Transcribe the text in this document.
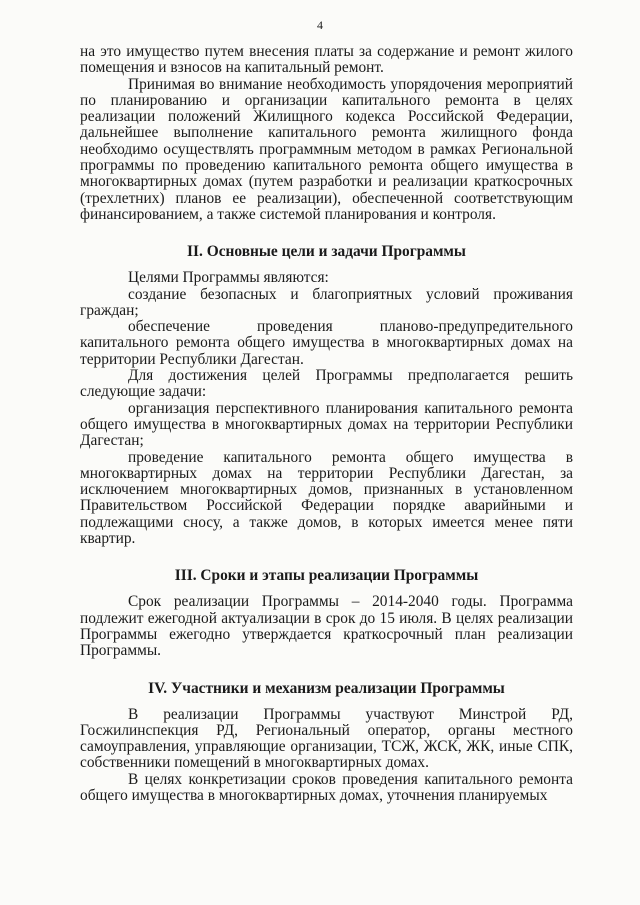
4

на это имущество путем внесения платы за содержание и ремонт жилого помещения и взносов на капитальный ремонт.

Принимая во внимание необходимость упорядочения мероприятий по планированию и организации капитального ремонта в целях реализации положений Жилищного кодекса Российской Федерации, дальнейшее выполнение капитального ремонта жилищного фонда необходимо осуществлять программным методом в рамках Региональной программы по проведению капитального ремонта общего имущества в многоквартирных домах (путем разработки и реализации краткосрочных (трехлетних) планов ее реализации), обеспеченной соответствующим финансированием, а также системой планирования и контроля.

II. Основные цели и задачи Программы

Целями Программы являются:

создание безопасных и благоприятных условий проживания граждан;

обеспечение проведения планово-предупредительного капитального ремонта общего имущества в многоквартирных домах на территории Республики Дагестан.

Для достижения целей Программы предполагается решить следующие задачи:

организация перспективного планирования капитального ремонта общего имущества в многоквартирных домах на территории Республики Дагестан;

проведение капитального ремонта общего имущества в многоквартирных домах на территории Республики Дагестан, за исключением многоквартирных домов, признанных в установленном Правительством Российской Федерации порядке аварийными и подлежащими сносу, а также домов, в которых имеется менее пяти квартир.

III. Сроки и этапы реализации Программы

Срок реализации Программы – 2014-2040 годы. Программа подлежит ежегодной актуализации в срок до 15 июля. В целях реализации Программы ежегодно утверждается краткосрочный план реализации Программы.

IV. Участники и механизм реализации Программы

В реализации Программы участвуют Минстрой РД, Госжилинспекция РД, Региональный оператор, органы местного самоуправления, управляющие организации, ТСЖ, ЖСК, ЖК, иные СПК, собственники помещений в многоквартирных домах.

В целях конкретизации сроков проведения капитального ремонта общего имущества в многоквартирных домах, уточнения планируемых
